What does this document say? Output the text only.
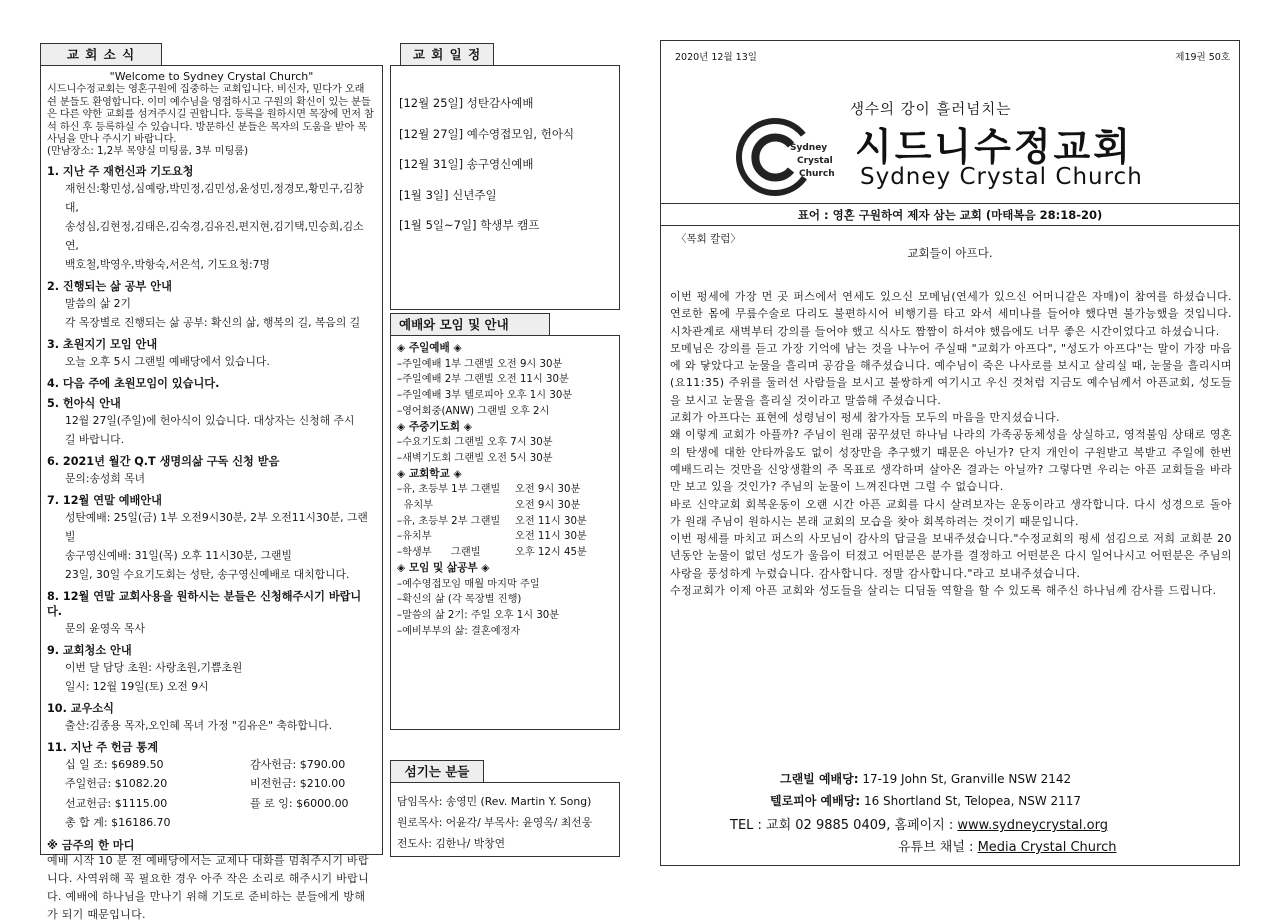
교 회 소 식
"Welcome to Sydney Crystal Church"
시드니수정교회는 영혼구원에 집중하는 교회입니다. 비신자, 믿다가 오래 쉰 분들도 환영합니다. 이미 예수님을 영접하시고 구원의 확신이 있는 분들은 다른 약한 교회를 섬겨주시길 권합니다. 등록을 원하시면 목장에 먼저 참석 하신 후 등록하실 수 있습니다. 방문하신 분들은 목자의 도움을 받아 목사님을 만나 주시기 바랍니다.
(만남장소: 1,2부 목양실 미팅룸, 3부 미팅룸)
1. 지난 주 재헌신과 기도요청
재헌신:황민성,심예랑,박민정,김민성,윤성민,정경모,황민구,김창대,
송성심,김현정,김태은,김숙경,김유진,편지현,김기택,민승희,김소연,
백호철,박영우,박항숙,서은석, 기도요청:7명
2. 진행되는 삶 공부 안내
말씀의 삶 2기
각 목장별로 진행되는 삶 공부: 확신의 삶, 행복의 길, 복음의 길
3. 초원지기 모임 안내
오늘 오후 5시 그랜빌 예배당에서 있습니다.
4. 다음 주에 초원모임이 있습니다.
5. 헌아식 안내
12월 27일(주일)에 헌아식이 있습니다. 대상자는 신청해 주시
길 바랍니다.
6. 2021년 월간 Q.T 생명의삶 구독 신청 받음
문의:송성희 목녀
7. 12월 연말 예배안내
성탄예배: 25일(금) 1부 오전9시30분, 2부 오전11시30분, 그랜빌
송구영신예배: 31일(목) 오후 11시30분, 그랜빌
23일, 30일 수요기도회는 성탄, 송구영신예배로 대치합니다.
8. 12월 연말 교회사용을 원하시는 분들은 신청해주시기 바랍니다.
문의 윤영옥 목사
9. 교회청소 안내
이번 달 담당 초원: 사랑초원,기쁨초원
일시: 12월 19일(토) 오전 9시
10. 교우소식
출산:김종용 목자,오인혜 목녀 가정 "김유은" 축하합니다.
11. 지난 주 헌금 통계
십 일 조: $6989.50	감사헌금: $790.00
주일헌금: $1082.20	비전헌금: $210.00
선교헌금: $1115.00	플 로 잉: $6000.00
총 합 계: $16186.70
※ 금주의 한 마디
예배 시작 10 분 전 예배당에서는 교제나 대화를 멈춰주시기 바랍니다. 사역위해 꼭 필요한 경우 아주 작은 소리로 해주시기 바랍니다. 예배에 하나님을 만나기 위해 기도로 준비하는 분들에게 방해가 되기 때문입니다.
교 회 일 정
[12월 25일] 성탄감사예배
[12월 27일] 예수영접모임, 헌아식
[12월 31일] 송구영신예배
[1월 3일] 신년주일
[1월 5일~7일] 학생부 캠프
예배와 모임 및 안내
◈ 주일예배 ◈
–주일예배 1부 그랜빌 오전 9시 30분
–주일예배 2부 그랜빌 오전 11시 30분
–주일예배 3부 텔로피아 오후 1시 30분
–영어회중(ANW) 그랜빌 오후 2시
◈ 주중기도회 ◈
–수요기도회 그랜빌 오후 7시 30분
–새벽기도회 그랜빌 오전 5시 30분
◈ 교회학교 ◈
–유, 초등부 1부 그랜빌	오전 9시 30분
유치부	오전 9시 30분
–유, 초등부 2부 그랜빌	오전 11시 30분
–유치부	오전 11시 30분
–학생부      그랜빌	오후 12시 45분
◈ 모임 및 삶공부 ◈
–예수영접모임 매월 마지막 주일
–확신의 삶 (각 목장별 진행)
–말씀의 삶 2기: 주일 오후 1시 30분
–예비부부의 삶: 결혼예정자
섬기는 분들
담임목사: 송영민 (Rev. Martin Y. Song)
원로목사: 어윤각/ 부목사: 윤영옥/ 최선웅
전도사: 김한나/ 박창연
2020년 12월 13일	제19권 50호
Sydney
Crystal
Church
생수의 강이 흘러넘치는
시드니수정교회
Sydney Crystal Church
표어 : 영혼 구원하여 제자 삼는 교회 (마태복음 28:18-20)
〈목회 칼럼〉
교회들이 아프다.

이번 펑세에 가장 먼 곳 퍼스에서 연세도 있으신 모메님(연세가 있으신 어머니같은 자매)이 참여를 하셨습니다. 연로한 몸에 무릎수술로 다리도 불편하시어 비행기를 타고 와서 세미나를 들어야 했다면 불가능했을 것입니다. 시차관계로 새벽부터 강의를 들어야 했고 식사도 짬짬이 하셔야 했음에도 너무 좋은 시간이었다고 하셨습니다.

모메님은 강의를 듣고 가장 기억에 남는 것을 나누어 주실때 "교회가 아프다", "성도가 아프다"는 말이 가장 마음에 와 닿았다고 눈물을 흘리며 공감을 해주셨습니다. 예수님이 죽은 나사로를 보시고 살리실 때, 눈물을 흘리시며(요11:35) 주위를 둘러선 사람들을 보시고 불쌍하게 여기시고 우신 것처럼 지금도 예수님께서 아픈교회, 성도들을 보시고 눈물을 흘리실 것이라고 말씀해 주셨습니다.

교회가 아프다는 표현에 성령님이 펑세 참가자들 모두의 마음을 만지셨습니다.

왜 이렇게 교회가 아플까? 주님이 원래 꿈꾸셨던 하나님 나라의 가족공동체성을 상실하고, 영적불임 상태로 영혼의 탄생에 대한 안타까움도 없이 성장만을 추구했기 때문은 아닌가? 단지 개인이 구원받고 복받고 주일에 한번 예배드리는 것만을 신앙생활의 주 목표로 생각하며 살아온 결과는 아닐까? 그렇다면 우리는 아픈 교회들을 바라만 보고 있을 것인가? 주님의 눈물이 느껴진다면 그럴 수 없습니다.

바로 신약교회 회복운동이 오랜 시간 아픈 교회를 다시 살려보자는 운동이라고 생각합니다. 다시 성경으로 돌아가 원래 주님이 원하시는 본래 교회의 모습을 찾아 회복하려는 것이기 때문입니다.

이번 펑세를 마치고 퍼스의 사모님이 감사의 답글을 보내주셨습니다."수정교회의 펑세 섬김으로 저희 교회분 20년동안 눈물이 없던 성도가 울음이 터졌고 어떤분은 분가를 결정하고 어떤분은 다시 일어나시고 어떤분은 주님의 사랑을 풍성하게 누렸습니다. 감사합니다. 정말 감사합니다."라고 보내주셨습니다.

수정교회가 이제 아픈 교회와 성도들을 살리는 디딤돌 역할을 할 수 있도록 해주신 하나님께 감사를 드립니다.

그랜빌 예배당: 17-19 John St, Granville NSW 2142
텔로피아 예배당: 16 Shortland St, Telopea, NSW 2117
TEL : 교회 02 9885 0409, 홈페이지 : www.sydneycrystal.org
유튜브 채널 : Media Crystal Church
